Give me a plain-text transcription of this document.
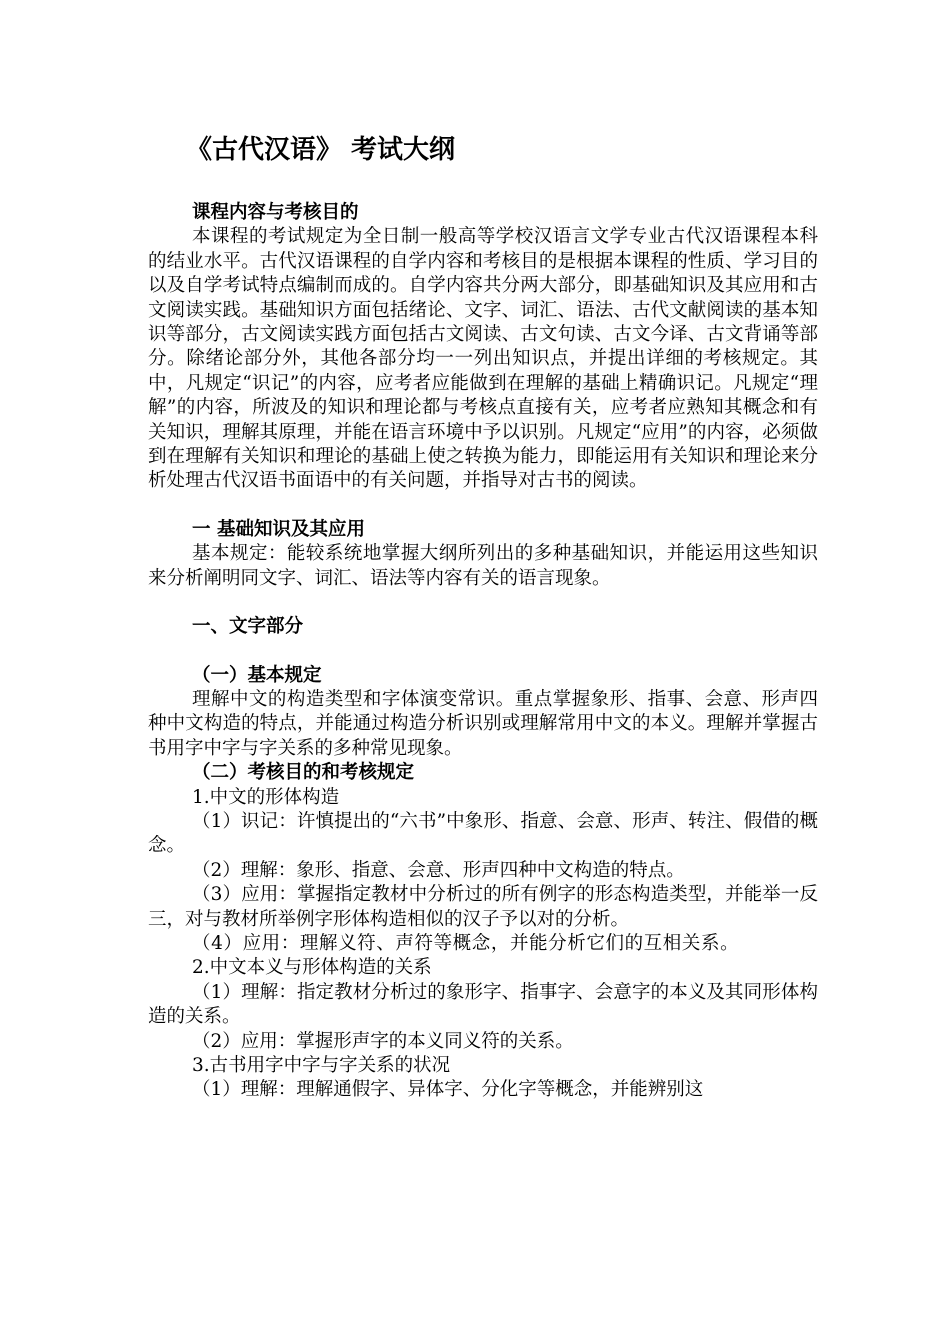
《古代汉语》 考试大纲
课程内容与考核目的

本课程的考试规定为全日制一般高等学校汉语言文学专业古代汉语课程本科的结业水平。古代汉语课程的自学内容和考核目的是根据本课程的性质、学习目的以及自学考试特点编制而成的。自学内容共分两大部分，即基础知识及其应用和古文阅读实践。基础知识方面包括绪论、文字、词汇、语法、古代文献阅读的基本知识等部分，古文阅读实践方面包括古文阅读、古文句读、古文今译、古文背诵等部分。除绪论部分外，其他各部分均一一列出知识点，并提出详细的考核规定。其中，凡规定“识记”的内容，应考者应能做到在理解的基础上精确识记。凡规定“理解”的内容，所波及的知识和理论都与考核点直接有关，应考者应熟知其概念和有关知识，理解其原理，并能在语言环境中予以识别。凡规定“应用”的内容，必须做到在理解有关知识和理论的基础上使之转换为能力，即能运用有关知识和理论来分析处理古代汉语书面语中的有关问题，并指导对古书的阅读。

一 基础知识及其应用

基本规定：能较系统地掌握大纲所列出的多种基础知识，并能运用这些知识来分析阐明同文字、词汇、语法等内容有关的语言现象。

一、文字部分
（一）基本规定

理解中文的构造类型和字体演变常识。重点掌握象形、指事、会意、形声四种中文构造的特点，并能通过构造分析识别或理解常用中文的本义。理解并掌握古书用字中字与字关系的多种常见现象。

（二）考核目的和考核规定

1.中文的形体构造

（1）识记：许慎提出的“六书”中象形、指意、会意、形声、转注、假借的概念。

（2）理解：象形、指意、会意、形声四种中文构造的特点。

（3）应用：掌握指定教材中分析过的所有例字的形态构造类型，并能举一反三，对与教材所举例字形体构造相似的汉子予以对的分析。

（4）应用：理解义符、声符等概念，并能分析它们的互相关系。

2.中文本义与形体构造的关系

（1）理解：指定教材分析过的象形字、指事字、会意字的本义及其同形体构造的关系。

（2）应用：掌握形声字的本义同义符的关系。

3.古书用字中字与字关系的状况

（1）理解：理解通假字、异体字、分化字等概念，并能辨别这
